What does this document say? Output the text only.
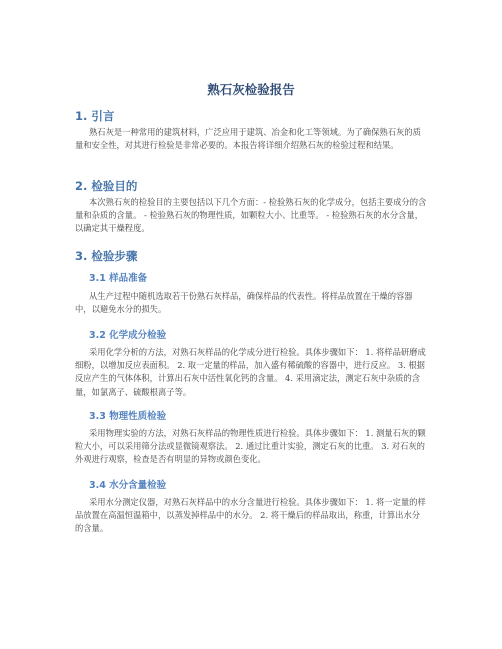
熟石灰检验报告
1. 引言
熟石灰是一种常用的建筑材料，广泛应用于建筑、冶金和化工等领域。为了确保熟石灰的质量和安全性，对其进行检验是非常必要的。本报告将详细介绍熟石灰的检验过程和结果。
2. 检验目的
本次熟石灰的检验目的主要包括以下几个方面：- 检验熟石灰的化学成分，包括主要成分的含量和杂质的含量。 - 检验熟石灰的物理性质，如颗粒大小、比重等。 - 检验熟石灰的水分含量，以确定其干燥程度。
3. 检验步骤
3.1 样品准备
从生产过程中随机选取若干份熟石灰样品，确保样品的代表性。将样品放置在干燥的容器中，以避免水分的损失。
3.2 化学成分检验
采用化学分析的方法，对熟石灰样品的化学成分进行检验。具体步骤如下： 1. 将样品研磨成细粉，以增加反应表面积。 2. 取一定量的样品，加入盛有稀硫酸的容器中，进行反应。 3. 根据反应产生的气体体积，计算出石灰中活性氧化钙的含量。 4. 采用滴定法，测定石灰中杂质的含量，如氯离子、硫酸根离子等。
3.3 物理性质检验
采用物理实验的方法，对熟石灰样品的物理性质进行检验。具体步骤如下： 1. 测量石灰的颗粒大小，可以采用筛分法或显微镜观察法。 2. 通过比重计实验，测定石灰的比重。 3. 对石灰的外观进行观察，检查是否有明显的异物或颜色变化。
3.4 水分含量检验
采用水分测定仪器，对熟石灰样品中的水分含量进行检验。具体步骤如下： 1. 将一定量的样品放置在高温恒温箱中，以蒸发掉样品中的水分。 2. 将干燥后的样品取出，称重，计算出水分的含量。
